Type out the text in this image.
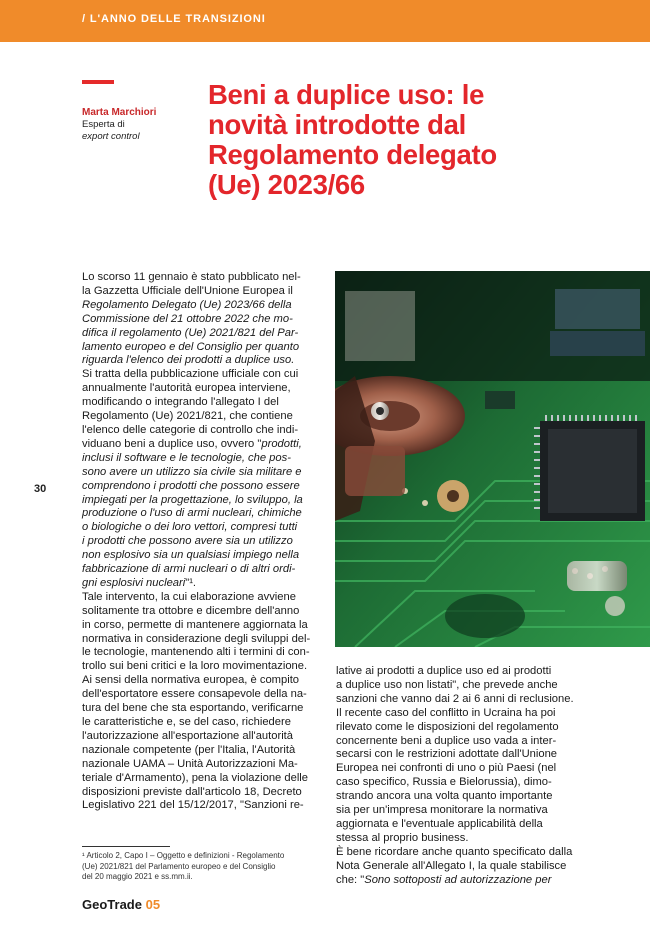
/ L'ANNO DELLE TRANSIZIONI
Marta Marchiori
Esperta di
export control
Beni a duplice uso: le
novità introdotte dal
Regolamento delegato
(Ue) 2023/66
30
Lo scorso 11 gennaio è stato pubblicato nel-
la Gazzetta Ufficiale dell'Unione Europea il
Regolamento Delegato (Ue) 2023/66 della
Commissione del 21 ottobre 2022 che mo-
difica il regolamento (Ue) 2021/821 del Par-
lamento europeo e del Consiglio per quanto
riguarda l'elenco dei prodotti a duplice uso.
Si tratta della pubblicazione ufficiale con cui
annualmente l'autorità europea interviene,
modificando o integrando l'allegato I del
Regolamento (Ue) 2021/821, che contiene
l'elenco delle categorie di controllo che indi-
viduano beni a duplice uso, ovvero "prodotti,
inclusi il software e le tecnologie, che pos-
sono avere un utilizzo sia civile sia militare e
comprendono i prodotti che possono essere
impiegati per la progettazione, lo sviluppo, la
produzione o l'uso di armi nucleari, chimiche
o biologiche o dei loro vettori, compresi tutti
i prodotti che possono avere sia un utilizzo
non esplosivo sia un qualsiasi impiego nella
fabbricazione di armi nucleari o di altri ordi-
gni esplosivi nucleari"¹.
Tale intervento, la cui elaborazione avviene
solitamente tra ottobre e dicembre dell'anno
in corso, permette di mantenere aggiornata la
normativa in considerazione degli sviluppi del-
le tecnologie, mantenendo alti i termini di con-
trollo sui beni critici e la loro movimentazione.
Ai sensi della normativa europea, è compito
dell'esportatore essere consapevole della na-
tura del bene che sta esportando, verificarne
le caratteristiche e, se del caso, richiedere
l'autorizzazione all'esportazione all'autorità
nazionale competente (per l'Italia, l'Autorità
nazionale UAMA – Unità Autorizzazioni Ma-
teriale d'Armamento), pena la violazione delle
disposizioni previste dall'articolo 18, Decreto
Legislativo 221 del 15/12/2017, "Sanzioni re-
lative ai prodotti a duplice uso ed ai prodotti
a duplice uso non listati", che prevede anche
sanzioni che vanno dai 2 ai 6 anni di reclusione.
Il recente caso del conflitto in Ucraina ha poi
rilevato come le disposizioni del regolamento
concernente beni a duplice uso vada a inter-
secarsi con le restrizioni adottate dall'Unione
Europea nei confronti di uno o più Paesi (nel
caso specifico, Russia e Bielorussia), dimo-
strando ancora una volta quanto importante
sia per un'impresa monitorare la normativa
aggiornata e l'eventuale applicabilità della
stessa al proprio business.
È bene ricordare anche quanto specificato dalla
Nota Generale all'Allegato I, la quale stabilisce
che: "Sono sottoposti ad autorizzazione per
¹ Articolo 2, Capo I – Oggetto e definizioni - Regolamento
(Ue) 2021/821 del Parlamento europeo e del Consiglio
del 20 maggio 2021 e ss.mm.ii.
GeoTrade 05
